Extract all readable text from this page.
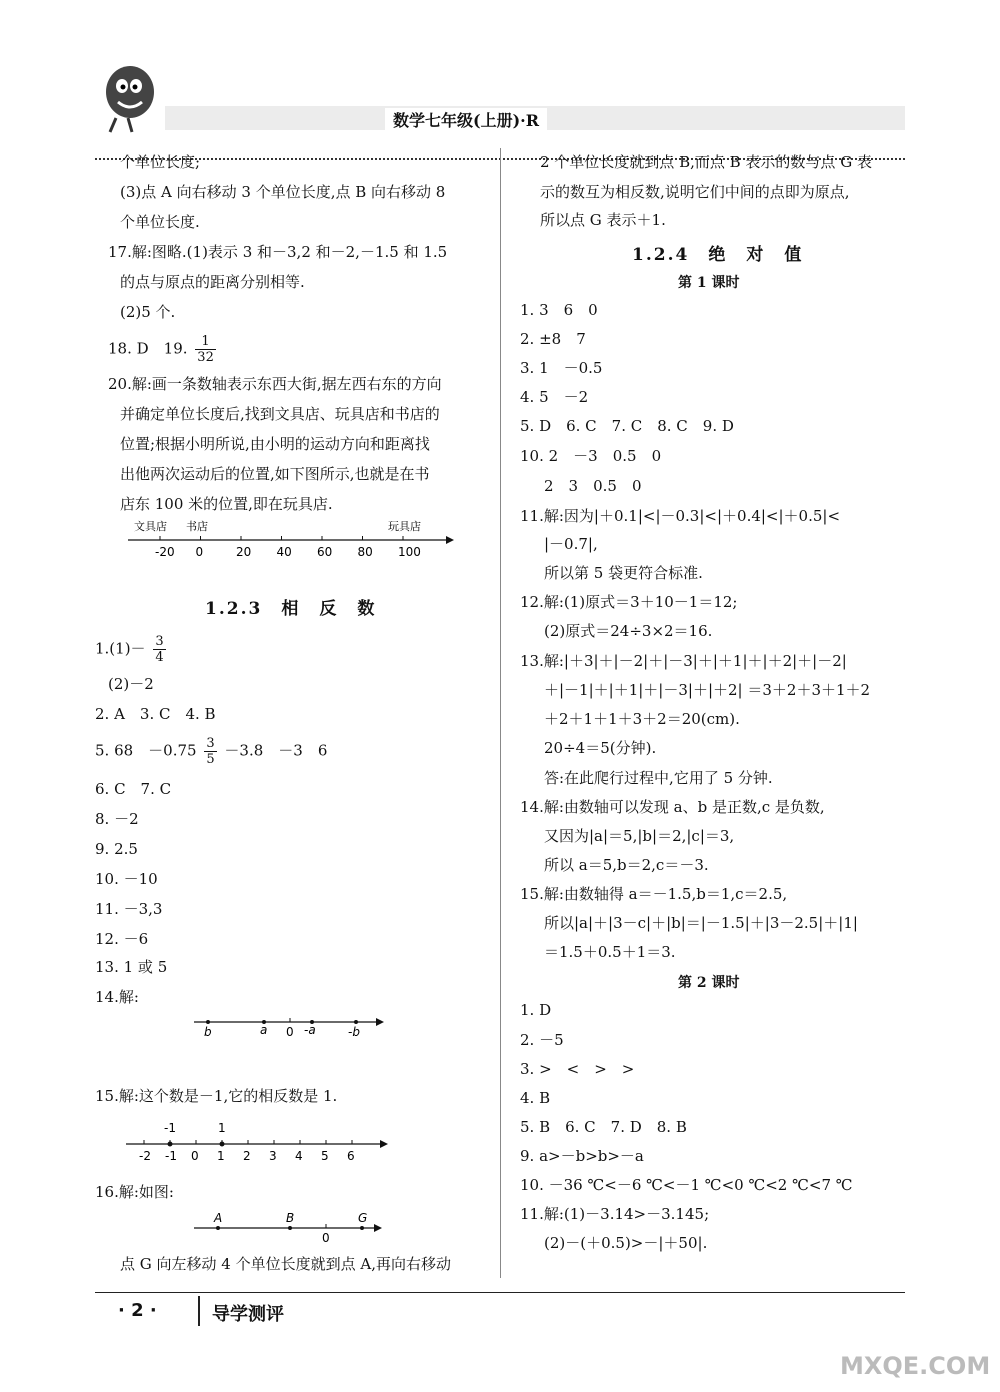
数学七年级(上册)·R
个单位长度;
(3)点 A 向右移动 3 个单位长度,点 B 向右移动 8
个单位长度.
17.解:图略.(1)表示 3 和－3,2 和－2,－1.5 和 1.5
的点与原点的距离分别相等.
(2)5 个.
18. D　19. $\frac{1}{32}$
20.解:画一条数轴表示东西大街,据左西右东的方向
并确定单位长度后,找到文具店、玩具店和书店的
位置;根据小明所说,由小明的运动方向和距离找
出他两次运动后的位置,如下图所示,也就是在书
店东 100 米的位置,即在玩具店.
文具店 书店	玩具店
-20 0	20 40 60 80 100
1.2.3　相　反　数
$1.(1)- \frac{3}{4}$
(2)－2
2. A　3. C　4. B
5. 68　$-0.75 \frac{3}{5} -3.8$　－3　6
6. C　7. C
8. －2
9. 2.5
10. －10
11. －3,3
12. －6
13. 1 或 5
14.解:
b	a 0 -a	-b
15.解:这个数是－1,它的相反数是 1.
-1	1
-2 -1 0 1 2 3 4 5 6
16.解:如图:
A	B	G
0
点 G 向左移动 4 个单位长度就到点 A,再向右移动
2 个单位长度就到点 B,而点 B 表示的数与点 G 表
示的数互为相反数,说明它们中间的点即为原点,
所以点 G 表示＋1.
1.2.4　绝　对　值
第 1 课时
1. 3　6　0
2. ±8　7
3. 1　－0.5
4. 5　－2
5. D　6. C　7. C　8. C　9. D
10. 2　－3　0.5　0
2　3　0.5　0
11.解:因为|＋0.1|<|－0.3|<|＋0.4|<|＋0.5|<
|－0.7|,
所以第 5 袋更符合标准.
12.解:(1)原式＝3＋10－1＝12;
(2)原式＝24÷3×2＝16.
13.解:|＋3|＋|－2|＋|－3|＋|＋1|＋|＋2|＋|－2|
＋|－1|＋|＋1|＋|－3|＋|＋2| ＝3＋2＋3＋1＋2
＋2＋1＋1＋3＋2＝20(cm).
20÷4＝5(分钟).
答:在此爬行过程中,它用了 5 分钟.
14.解:由数轴可以发现 a、b 是正数,c 是负数,
又因为|a|＝5,|b|＝2,|c|＝3,
所以 a＝5,b＝2,c＝－3.
15.解:由数轴得 a＝－1.5,b＝1,c＝2.5,
所以|a|＋|3－c|＋|b|＝|－1.5|＋|3－2.5|＋|1|
＝1.5＋0.5＋1＝3.
第 2 课时
1. D
2. －5
3. >　<　>　>
4. B
5. B　6. C　7. D　8. B
9. a>－b>b>－a
10. －36 ℃<－6 ℃<－1 ℃<0 ℃<2 ℃<7 ℃
11.解:(1)－3.14>－3.145;
(2)－(＋0.5)>－|＋50|.
· 2 ·	导学测评
MXQE.COM
